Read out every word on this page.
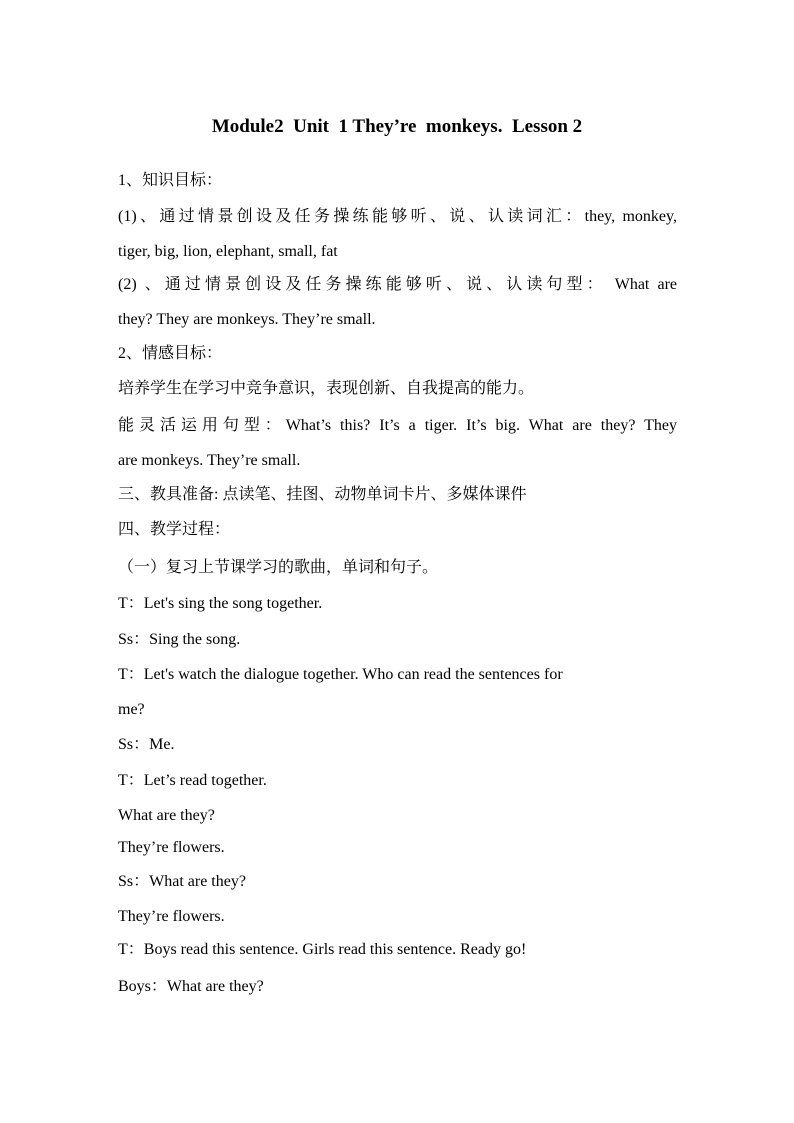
Module2  Unit  1 They’re  monkeys.  Lesson 2
1、知识目标：
(1)、通过情景创设及任务操练能够听、说、认读词汇：they, monkey,
tiger, big, lion, elephant, small, fat
(2) 、通过情景创设及任务操练能够听、说、认读句型： What are
they? They are monkeys. They’re small.
2、情感目标：
培养学生在学习中竞争意识，表现创新、自我提高的能力。
能灵活运用句型：What’s this? It’s a tiger. It’s big. What are they? They
are monkeys. They’re small.
三、教具准备: 点读笔、挂图、动物单词卡片、多媒体课件
四、教学过程：
（一）复习上节课学习的歌曲，单词和句子。
T：Let's sing the song together.
Ss：Sing the song.
T：Let's watch the dialogue together. Who can read the sentences for
me?
Ss：Me.
T：Let’s read together.
What are they?
They’re flowers.
Ss：What are they?
They’re flowers.
T：Boys read this sentence. Girls read this sentence. Ready go!
Boys：What are they?
